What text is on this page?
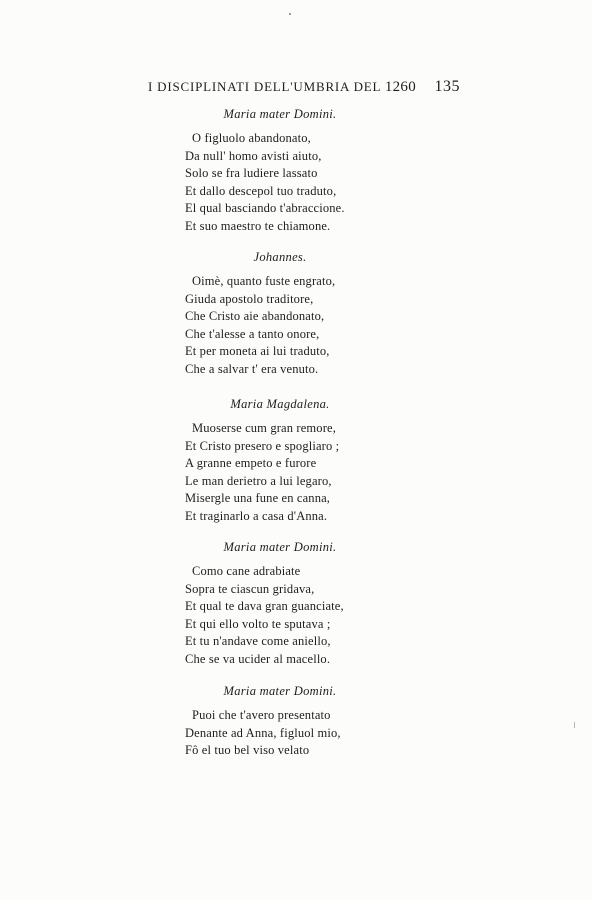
I DISCIPLINATI DELL'UMBRIA DEL 1260 135
Maria mater Domini.
O figluolo abandonato,
Da null' homo avisti aiuto,
Solo se fra ludiere lassato
Et dallo descepol tuo traduto,
El qual basciando t'abraccione.
Et suo maestro te chiamone.
Johannes.
Oimè, quanto fuste engrato,
Giuda apostolo traditore,
Che Cristo aie abandonato,
Che t'alesse a tanto onore,
Et per moneta ai lui traduto,
Che a salvar t' era venuto.
Maria Magdalena.
Muoserse cum gran remore,
Et Cristo presero e spogliaro ;
A granne empeto e furore
Le man derietro a lui legaro,
Misergle una fune en canna,
Et traginarlo a casa d'Anna.
Maria mater Domini.
Como cane adrabiate
Sopra te ciascun gridava,
Et qual te dava gran guanciate,
Et qui ello volto te sputava ;
Et tu n'andave come aniello,
Che se va ucider al macello.
Maria mater Domini.
Puoi che t'avero presentato
Denante ad Anna, figluol mio,
Fô el tuo bel viso velato
